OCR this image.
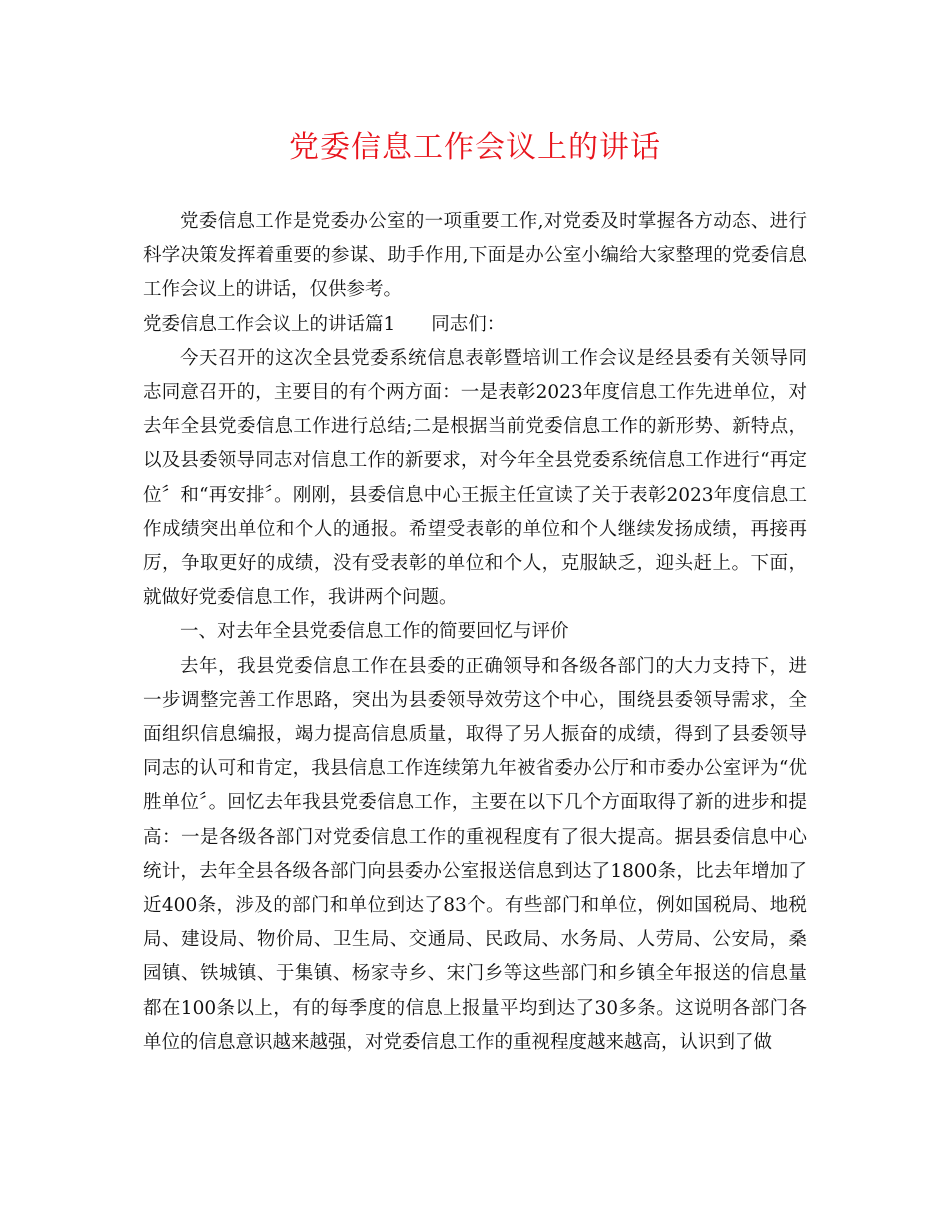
党委信息工作会议上的讲话

党委信息工作是党委办公室的一项重要工作,对党委及时掌握各方动态、进行科学决策发挥着重要的参谋、助手作用,下面是办公室小编给大家整理的党委信息工作会议上的讲话，仅供参考。

党委信息工作会议上的讲话篇1 同志们：

今天召开的这次全县党委系统信息表彰暨培训工作会议是经县委有关领导同志同意召开的，主要目的有个两方面：一是表彰2023年度信息工作先进单位，对去年全县党委信息工作进行总结;二是根据当前党委信息工作的新形势、新特点，以及县委领导同志对信息工作的新要求，对今年全县党委系统信息工作进行“再定位〞和“再安排〞。刚刚，县委信息中心王振主任宣读了关于表彰2023年度信息工作成绩突出单位和个人的通报。希望受表彰的单位和个人继续发扬成绩，再接再厉，争取更好的成绩，没有受表彰的单位和个人，克服缺乏，迎头赶上。下面，就做好党委信息工作，我讲两个问题。

一、对去年全县党委信息工作的简要回忆与评价

去年，我县党委信息工作在县委的正确领导和各级各部门的大力支持下，进一步调整完善工作思路，突出为县委领导效劳这个中心，围绕县委领导需求，全面组织信息编报，竭力提高信息质量，取得了另人振奋的成绩，得到了县委领导同志的认可和肯定，我县信息工作连续第九年被省委办公厅和市委办公室评为“优胜单位〞。回忆去年我县党委信息工作，主要在以下几个方面取得了新的进步和提高：一是各级各部门对党委信息工作的重视程度有了很大提高。据县委信息中心统计，去年全县各级各部门向县委办公室报送信息到达了1800条，比去年增加了近400条，涉及的部门和单位到达了83个。有些部门和单位，例如国税局、地税局、建设局、物价局、卫生局、交通局、民政局、水务局、人劳局、公安局，桑园镇、铁城镇、于集镇、杨家寺乡、宋门乡等这些部门和乡镇全年报送的信息量都在100条以上，有的每季度的信息上报量平均到达了30多条。这说明各部门各单位的信息意识越来越强，对党委信息工作的重视程度越来越高，认识到了做
